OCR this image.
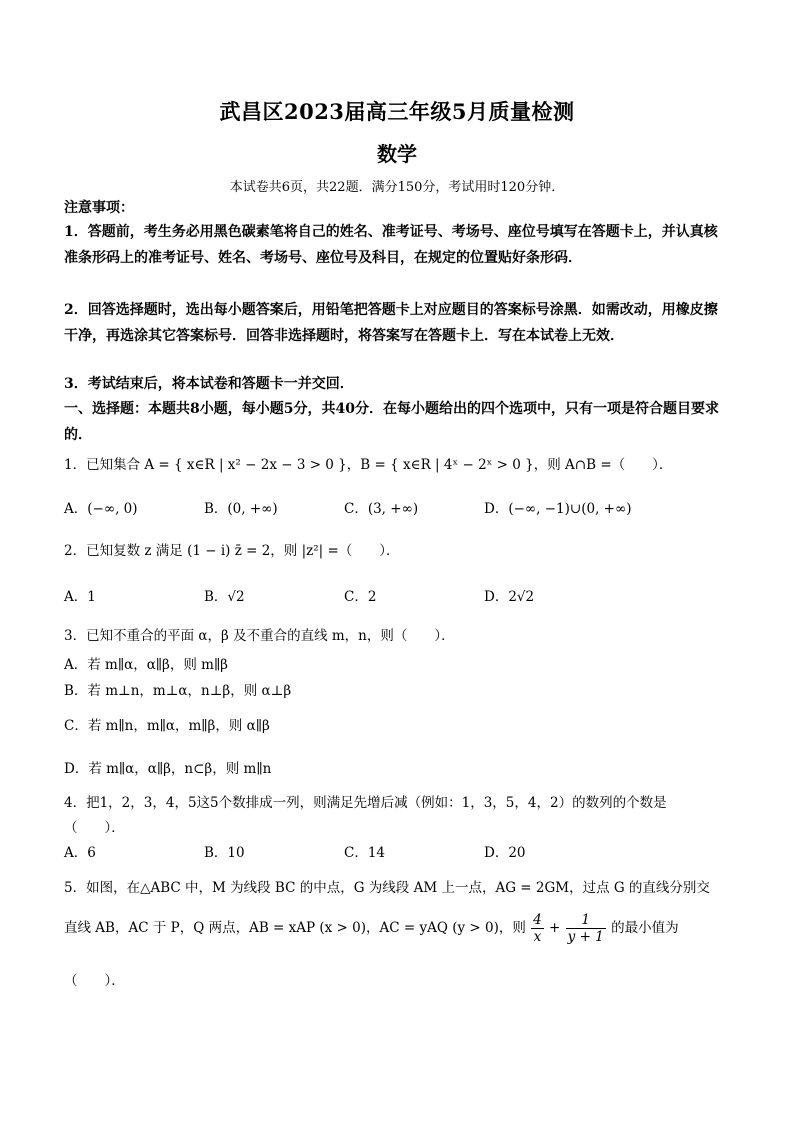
武昌区2023届高三年级5月质量检测
数学
本试卷共6页，共22题．满分150分，考试用时120分钟．
注意事项：
1．答题前，考生务必用黑色碳素笔将自己的姓名、准考证号、考场号、座位号填写在答题卡上，并认真核准条形码上的准考证号、姓名、考场号、座位号及科目，在规定的位置贴好条形码．
2．回答选择题时，选出每小题答案后，用铅笔把答题卡上对应题目的答案标号涂黑．如需改动，用橡皮擦干净，再选涂其它答案标号．回答非选择题时，将答案写在答题卡上．写在本试卷上无效．
3．考试结束后，将本试卷和答题卡一并交回．
一、选择题：本题共8小题，每小题5分，共40分．在每小题给出的四个选项中，只有一项是符合题目要求的．
1．已知集合 A = { x∈R | x² − 2x − 3 > 0 }，B = { x∈R | 4ˣ − 2ˣ > 0 }，则 A∩B =（　　）．
A．(−∞, 0)	B．(0, +∞)	C．(3, +∞)	D．(−∞, −1)∪(0, +∞)
2．已知复数 z 满足 (1 − i) z̄ = 2，则 |z²| =（　　）．
A．1	B．√2	C．2	D．2√2
3．已知不重合的平面 α，β 及不重合的直线 m，n，则（　　）．
A．若 m∥α，α∥β，则 m∥β
B．若 m⊥n，m⊥α，n⊥β，则 α⊥β
C．若 m∥n，m∥α，m∥β，则 α∥β
D．若 m∥α，α∥β，n⊂β，则 m∥n
4．把1，2，3，4，5这5个数排成一列，则满足先增后减（例如：1，3，5，4，2）的数列的个数是
（　　）．
A．6	B．10	C．14	D．20
5．如图，在△ABC 中，M 为线段 BC 的中点，G 为线段 AM 上一点，AG = 2GM，过点 G 的直线分别交
直线 AB，AC 于 P，Q 两点，AB = xAP (x > 0)，AC = yAQ (y > 0)，则 $\frac{4}{x} + \frac{1}{y + 1}$ 的最小值为
（　　）．
